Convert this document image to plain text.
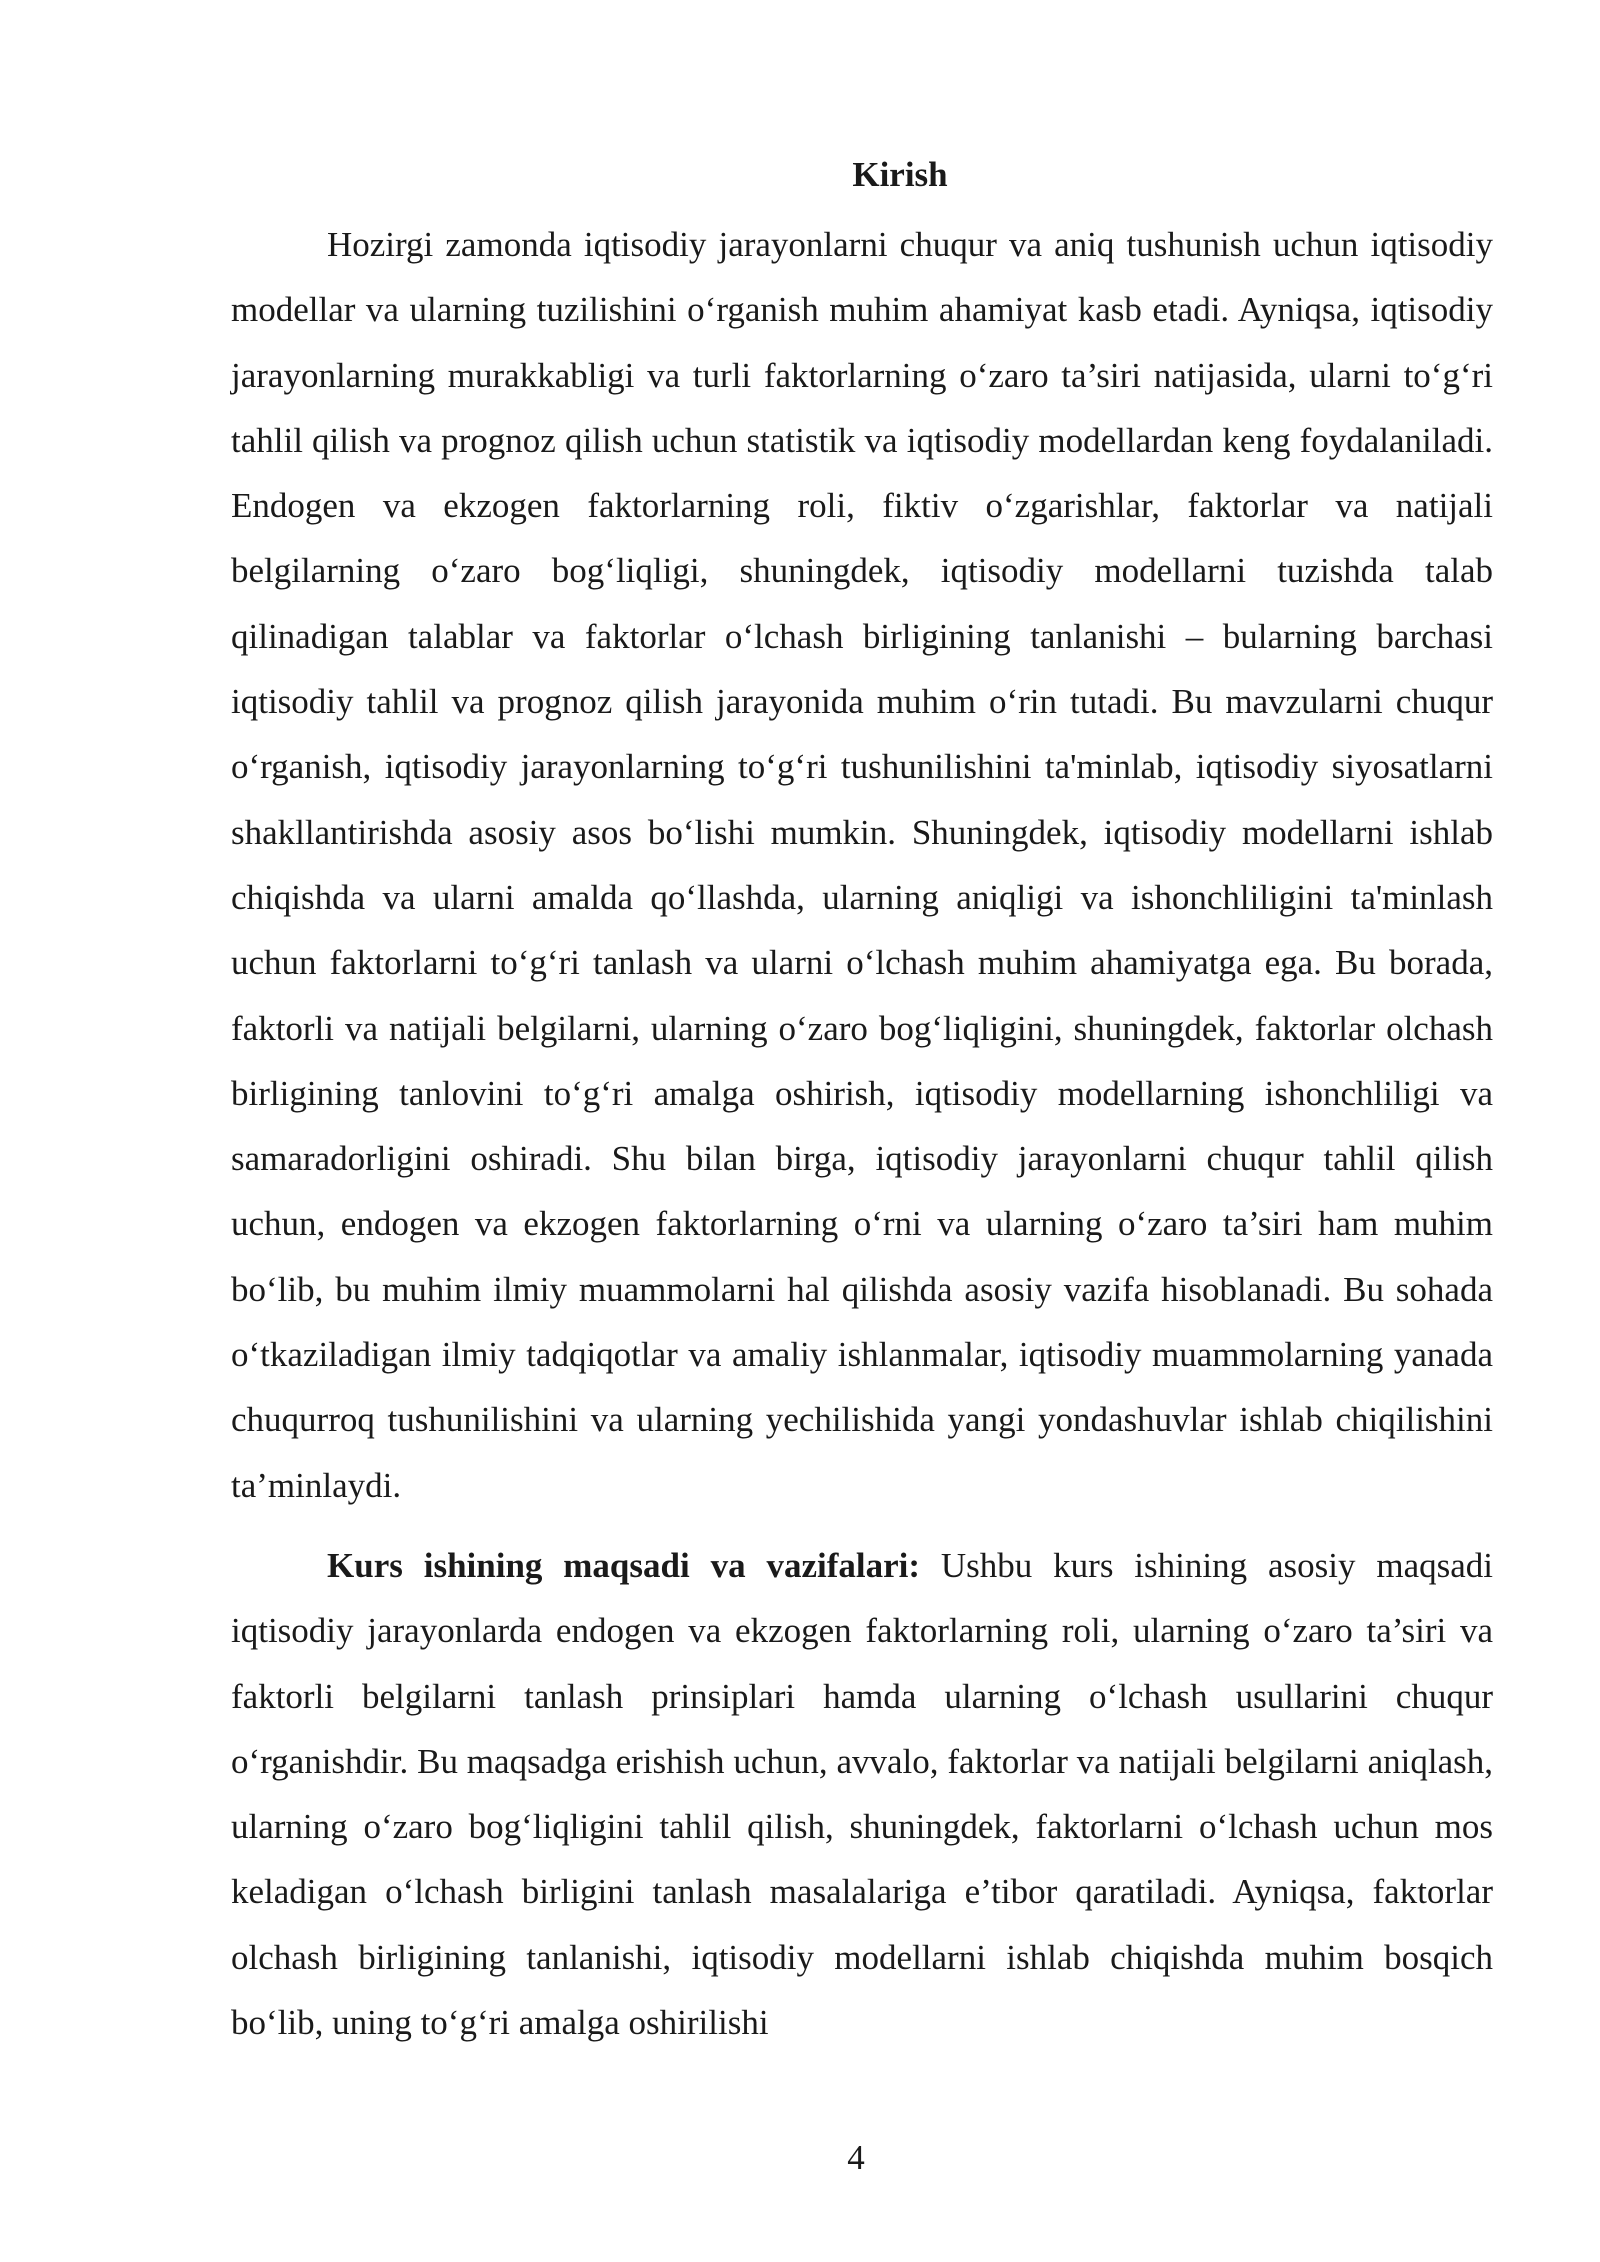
Kirish

Hozirgi zamonda iqtisodiy jarayonlarni chuqur va aniq tushunish uchun iqtisodiy modellar va ularning tuzilishini o‘rganish muhim ahamiyat kasb etadi. Ayniqsa, iqtisodiy jarayonlarning murakkabligi va turli faktorlarning o‘zaro ta’siri natijasida, ularni to‘g‘ri tahlil qilish va prognoz qilish uchun statistik va iqtisodiy modellardan keng foydalaniladi. Endogen va ekzogen faktorlarning roli, fiktiv o‘zgarishlar, faktorlar va natijali belgilarning o‘zaro bog‘liqligi, shuningdek, iqtisodiy modellarni tuzishda talab qilinadigan talablar va faktorlar o‘lchash birligining tanlanishi – bularning barchasi iqtisodiy tahlil va prognoz qilish jarayonida muhim o‘rin tutadi. Bu mavzularni chuqur o‘rganish, iqtisodiy jarayonlarning to‘g‘ri tushunilishini ta'minlab, iqtisodiy siyosatlarni shakllantirishda asosiy asos bo‘lishi mumkin. Shuningdek, iqtisodiy modellarni ishlab chiqishda va ularni amalda qo‘llashda, ularning aniqligi va ishonchliligini ta'minlash uchun faktorlarni to‘g‘ri tanlash va ularni o‘lchash muhim ahamiyatga ega. Bu borada, faktorli va natijali belgilarni, ularning o‘zaro bog‘liqligini, shuningdek, faktorlar olchash birligining tanlovini to‘g‘ri amalga oshirish, iqtisodiy modellarning ishonchliligi va samaradorligini oshiradi. Shu bilan birga, iqtisodiy jarayonlarni chuqur tahlil qilish uchun, endogen va ekzogen faktorlarning o‘rni va ularning o‘zaro ta’siri ham muhim bo‘lib, bu muhim ilmiy muammolarni hal qilishda asosiy vazifa hisoblanadi. Bu sohada o‘tkaziladigan ilmiy tadqiqotlar va amaliy ishlanmalar, iqtisodiy muammolarning yanada chuqurroq tushunilishini va ularning yechilishida yangi yondashuvlar ishlab chiqilishini ta’minlaydi.

Kurs ishining maqsadi va vazifalari: Ushbu kurs ishining asosiy maqsadi iqtisodiy jarayonlarda endogen va ekzogen faktorlarning roli, ularning o‘zaro ta’siri va faktorli belgilarni tanlash prinsiplari hamda ularning o‘lchash usullarini chuqur o‘rganishdir. Bu maqsadga erishish uchun, avvalo, faktorlar va natijali belgilarni aniqlash, ularning o‘zaro bog‘liqligini tahlil qilish, shuningdek, faktorlarni o‘lchash uchun mos keladigan o‘lchash birligini tanlash masalalariga e’tibor qaratiladi. Ayniqsa, faktorlar olchash birligining tanlanishi, iqtisodiy modellarni ishlab chiqishda muhim bosqich bo‘lib, uning to‘g‘ri amalga oshirilishi

4
